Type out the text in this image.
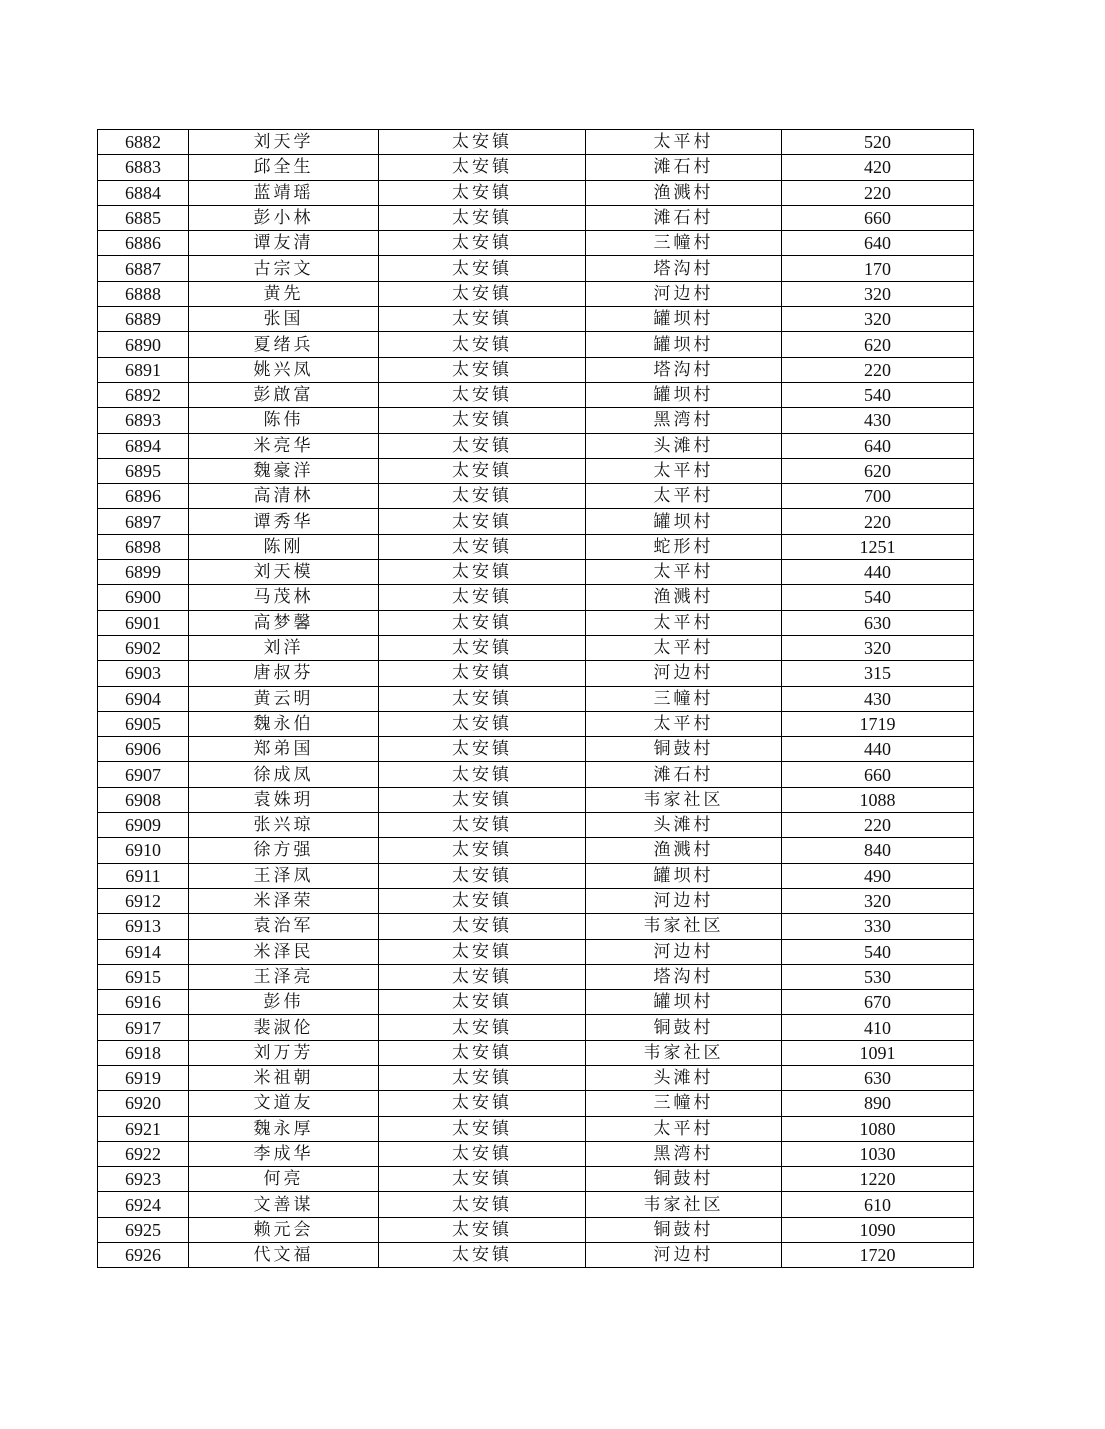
6882	刘天学	太安镇	太平村	520
6883	邱全生	太安镇	滩石村	420
6884	蓝靖瑶	太安镇	渔溅村	220
6885	彭小林	太安镇	滩石村	660
6886	谭友清	太安镇	三幢村	640
6887	古宗文	太安镇	塔沟村	170
6888	黄先	太安镇	河边村	320
6889	张国	太安镇	罐坝村	320
6890	夏绪兵	太安镇	罐坝村	620
6891	姚兴凤	太安镇	塔沟村	220
6892	彭啟富	太安镇	罐坝村	540
6893	陈伟	太安镇	黑湾村	430
6894	米亮华	太安镇	头滩村	640
6895	魏豪洋	太安镇	太平村	620
6896	高清林	太安镇	太平村	700
6897	谭秀华	太安镇	罐坝村	220
6898	陈刚	太安镇	蛇形村	1251
6899	刘天模	太安镇	太平村	440
6900	马茂林	太安镇	渔溅村	540
6901	高梦馨	太安镇	太平村	630
6902	刘洋	太安镇	太平村	320
6903	唐叔芬	太安镇	河边村	315
6904	黄云明	太安镇	三幢村	430
6905	魏永伯	太安镇	太平村	1719
6906	郑弟国	太安镇	铜鼓村	440
6907	徐成凤	太安镇	滩石村	660
6908	袁姝玥	太安镇	韦家社区	1088
6909	张兴琼	太安镇	头滩村	220
6910	徐方强	太安镇	渔溅村	840
6911	王泽凤	太安镇	罐坝村	490
6912	米泽荣	太安镇	河边村	320
6913	袁治军	太安镇	韦家社区	330
6914	米泽民	太安镇	河边村	540
6915	王泽亮	太安镇	塔沟村	530
6916	彭伟	太安镇	罐坝村	670
6917	裴淑伦	太安镇	铜鼓村	410
6918	刘万芳	太安镇	韦家社区	1091
6919	米祖朝	太安镇	头滩村	630
6920	文道友	太安镇	三幢村	890
6921	魏永厚	太安镇	太平村	1080
6922	李成华	太安镇	黑湾村	1030
6923	何亮	太安镇	铜鼓村	1220
6924	文善谋	太安镇	韦家社区	610
6925	赖元会	太安镇	铜鼓村	1090
6926	代文福	太安镇	河边村	1720
